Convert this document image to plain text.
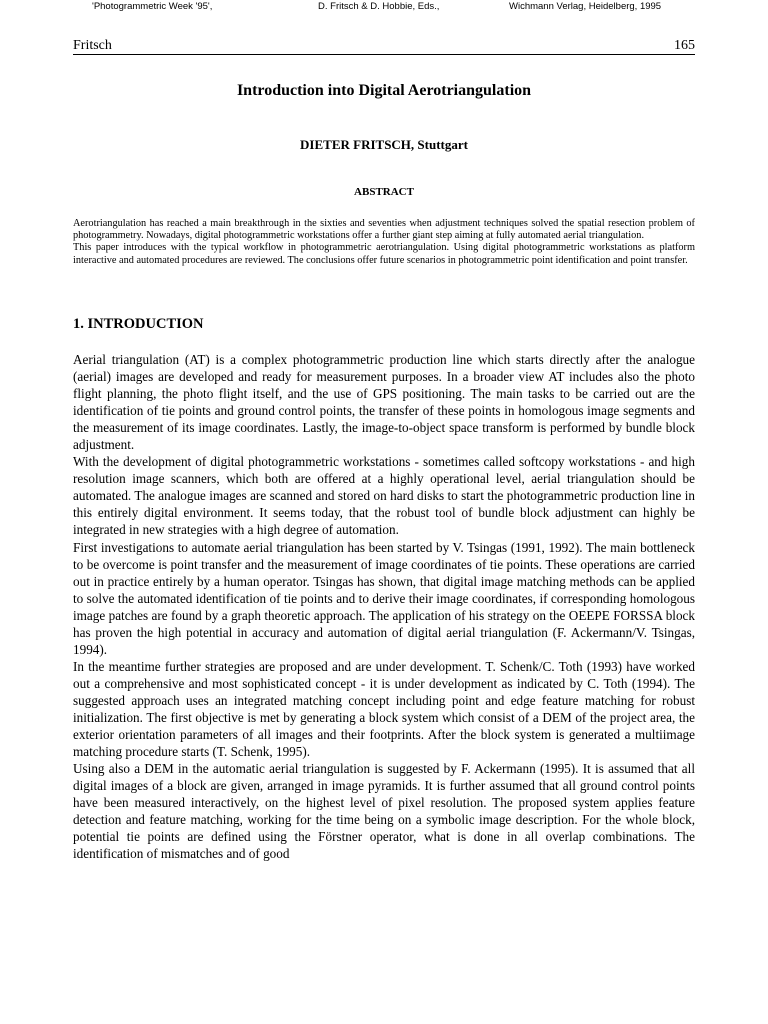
'Photogrammetric Week '95',	D. Fritsch & D. Hobbie, Eds.,	Wichmann Verlag, Heidelberg, 1995
Fritsch	165
Introduction into Digital Aerotriangulation
DIETER FRITSCH, Stuttgart
ABSTRACT

Aerotriangulation has reached a main breakthrough in the sixties and seventies when adjustment techniques solved the spatial resection problem of photogrammetry. Nowadays, digital photogrammetric workstations offer a further giant step aiming at fully automated aerial triangulation.

This paper introduces with the typical workflow in photogrammetric aerotriangulation. Using digital photogrammetric workstations as platform interactive and automated procedures are reviewed. The conclusions offer future scenarios in photogrammetric point identification and point transfer.

1. INTRODUCTION

Aerial triangulation (AT) is a complex photogrammetric production line which starts directly after the analogue (aerial) images are developed and ready for measurement purposes. In a broader view AT includes also the photo flight planning, the photo flight itself, and the use of GPS positioning. The main tasks to be carried out are the identification of tie points and ground control points, the transfer of these points in homologous image segments and the measurement of its image coordinates. Lastly, the image-to-object space transform is performed by bundle block adjustment.

With the development of digital photogrammetric workstations - sometimes called softcopy workstations - and high resolution image scanners, which both are offered at a highly operational level, aerial triangulation should be automated. The analogue images are scanned and stored on hard disks to start the photogrammetric production line in this entirely digital environment. It seems today, that the robust tool of bundle block adjustment can highly be integrated in new strategies with a high degree of automation.

First investigations to automate aerial triangulation has been started by V. Tsingas (1991, 1992). The main bottleneck to be overcome is point transfer and the measurement of image coordinates of tie points. These operations are carried out in practice entirely by a human operator. Tsingas has shown, that digital image matching methods can be applied to solve the automated identification of tie points and to derive their image coordinates, if corresponding homologous image patches are found by a graph theoretic approach. The application of his strategy on the OEEPE FORSSA block has proven the high potential in accuracy and automation of digital aerial triangulation (F. Ackermann/V. Tsingas, 1994).

In the meantime further strategies are proposed and are under development. T. Schenk/C. Toth (1993) have worked out a comprehensive and most sophisticated concept - it is under development as indicated by C. Toth (1994). The suggested approach uses an integrated matching concept including point and edge feature matching for robust initialization. The first objective is met by generating a block system which consist of a DEM of the project area, the exterior orientation parameters of all images and their footprints. After the block system is generated a multiimage matching procedure starts (T. Schenk, 1995).

Using also a DEM in the automatic aerial triangulation is suggested by F. Ackermann (1995). It is assumed that all digital images of a block are given, arranged in image pyramids. It is further assumed that all ground control points have been measured interactively, on the highest level of pixel resolution. The proposed system applies feature detection and feature matching, working for the time being on a symbolic image description. For the whole block, potential tie points are defined using the Förstner operator, what is done in all overlap combinations. The identification of mismatches and of good
